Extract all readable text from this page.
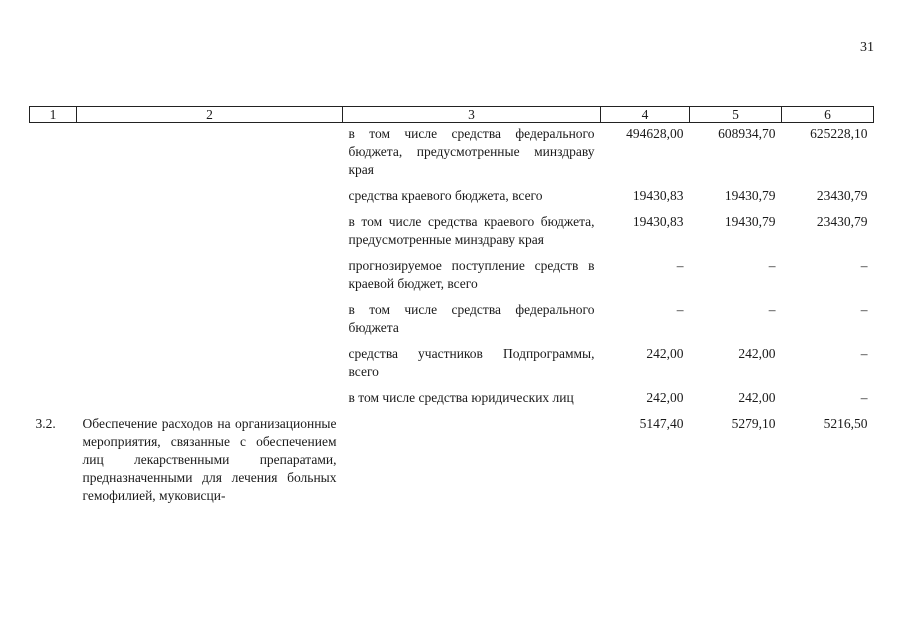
31
1	2	3	4	5	6
		в том числе средства федерального бюджета, предусмотренные минздраву края	494628,00	608934,70	625228,10
		средства краевого бюджета, всего	19430,83	19430,79	23430,79
		в том числе средства краевого бюджета, предусмотренные минздраву края	19430,83	19430,79	23430,79
		прогнозируемое поступление средств в краевой бюджет, всего	–	–	–
		в том числе средства федерального бюджета	–	–	–
		средства участников Подпрограммы, всего	242,00	242,00	–
		в том числе средства юридических лиц	242,00	242,00	–
3.2.	Обеспечение расходов на организационные мероприятия, связанные с обеспечением лиц лекарственными препаратами, предназначенными для лечения больных гемофилией, муковисци-		5147,40	5279,10	5216,50
